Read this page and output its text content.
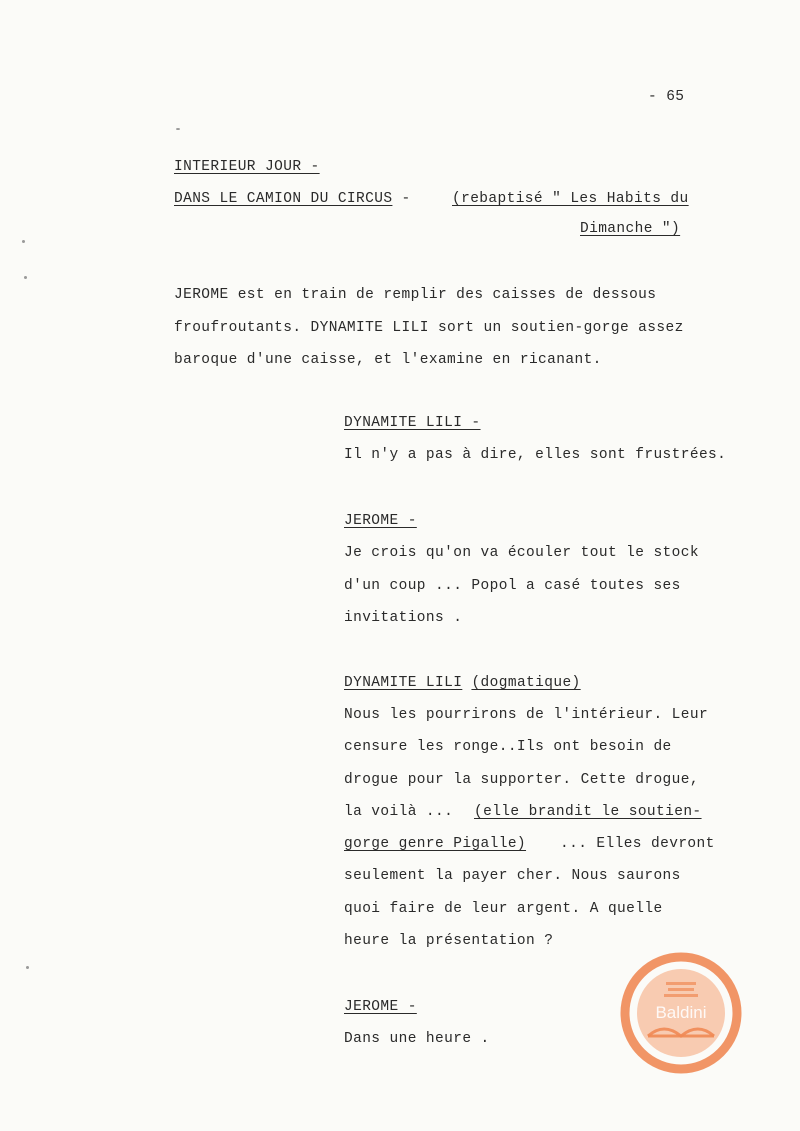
- 65
INTERIEUR JOUR -
DANS LE CAMION DU CIRCUS -	(rebaptisé " Les Habits du
Dimanche ")
JEROME est en train de remplir des caisses de dessous
froufroutants. DYNAMITE LILI sort un soutien-gorge assez
baroque d'une caisse, et l'examine en ricanant.
DYNAMITE LILI -
Il n'y a pas à dire, elles sont frustrées.
JEROME -
Je crois qu'on va écouler tout le stock
d'un coup ... Popol a casé toutes ses
invitations .
DYNAMITE LILI (dogmatique)
Nous les pourrirons de l'intérieur. Leur
censure les ronge..Ils ont besoin de
drogue pour la supporter. Cette drogue,
la voilà ... (elle brandit le soutien-
gorge genre Pigalle) ... Elles devront
seulement la payer cher. Nous saurons
quoi faire de leur argent. A quelle
heure la présentation ?
JEROME -
Dans une heure .
Baldini
